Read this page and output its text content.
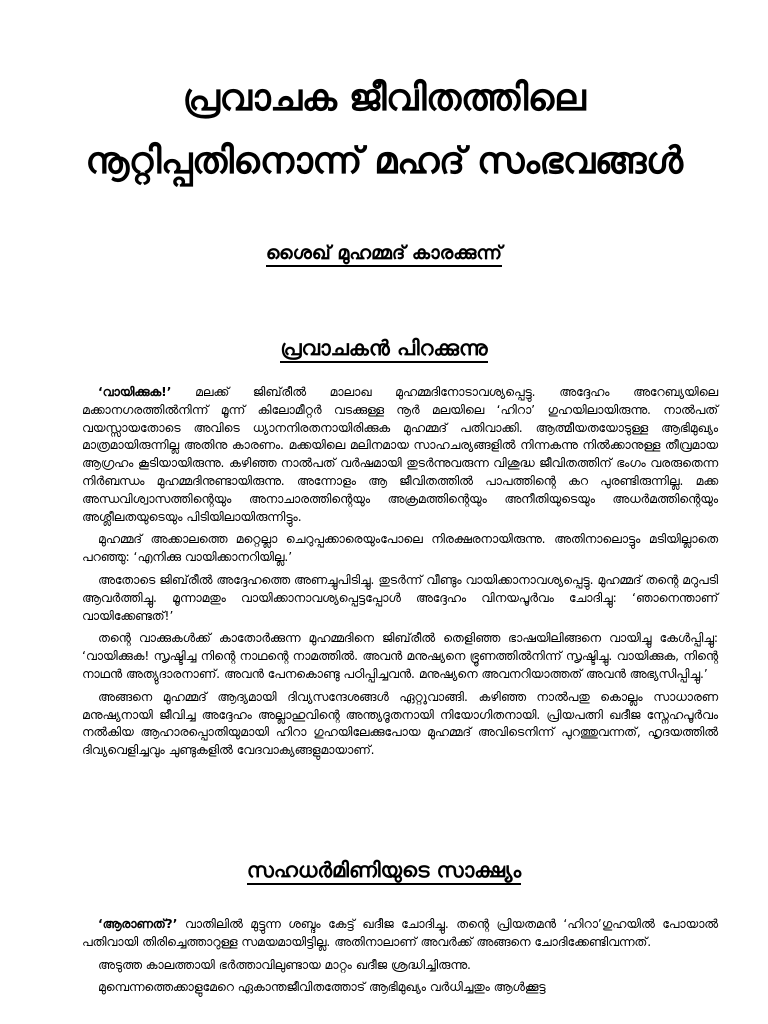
പ്രവാചക ജീവിതത്തിലെ
നൂറ്റിപ്പതിനൊന്ന് മഹദ് സംഭവങ്ങൾ
ശൈഖ് മുഹമ്മദ് കാരക്കുന്ന്
പ്രവാചകൻ പിറക്കുന്നു

‘വായിക്കുക!’ മലക്ക് ജിബ്‌രീൽ മാലാഖ മുഹമ്മദിനോടാവശ്യപ്പെട്ടു. അദ്ദേഹം അറേബ്യയിലെ മക്കാനഗരത്തിൽനിന്ന് മൂന്ന് കിലോമീറ്റർ വടക്കുള്ള നൂർ മലയിലെ ‘ഹിറാ’ ഗുഹയിലായിരുന്നു. നാൽപത് വയസ്സായതോടെ അവിടെ ധ്യാനനിരതനായിരിക്കുക മുഹമ്മദ് പതിവാക്കി. ആത്മീയതയോടുള്ള ആഭിമുഖ്യം മാത്രമായിരുന്നില്ല അതിനു കാരണം. മക്കയിലെ മലിനമായ സാഹചര്യങ്ങളിൽ നിന്നകന്നു നിൽക്കാനുള്ള തീവ്രമായ ആഗ്രഹം കൂടിയായിരുന്നു. കഴിഞ്ഞ നാൽപത് വർഷമായി തുടർന്നുവരുന്ന വിശുദ്ധ ജീവിതത്തിന് ഭംഗം വരരുതെന്ന നിർബന്ധം മുഹമ്മദിനുണ്ടായിരുന്നു. അന്നോളം ആ ജീവിതത്തിൽ പാപത്തിന്റെ കറ പുരണ്ടിരുന്നില്ല. മക്ക അന്ധവിശ്വാസത്തിന്റെയും അനാചാരത്തിന്റെയും അക്രമത്തിന്റെയും അനീതിയുടെയും അധർമത്തിന്റെയും അശ്ലീലതയുടെയും പിടിയിലായിരുന്നിട്ടും.

മുഹമ്മദ് അക്കാലത്തെ മറ്റെല്ലാ ചെറുപ്പക്കാരെയുംപോലെ നിരക്ഷരനായിരുന്നു. അതിനാലൊട്ടും മടിയില്ലാതെ പറഞ്ഞു: ‘എനിക്കു വായിക്കാനറിയില്ല.’

അതോടെ ജിബ്‌രീൽ അദ്ദേഹത്തെ അണച്ചുപിടിച്ചു. തുടർന്ന് വീണ്ടും വായിക്കാനാവശ്യപ്പെട്ടു. മുഹമ്മദ് തന്റെ മറുപടി ആവർത്തിച്ചു. മൂന്നാമതും വായിക്കാനാവശ്യപ്പെട്ടപ്പോൾ അദ്ദേഹം വിനയപൂർവം ചോദിച്ചു: ‘ഞാനെന്താണ് വായിക്കേണ്ടത്!’

തന്റെ വാക്കുകൾക്ക് കാതോർക്കുന്ന മുഹമ്മദിനെ ജിബ്‌രീൽ തെളിഞ്ഞ ഭാഷയിലിങ്ങനെ വായിച്ചു കേൾപ്പിച്ചു: ‘വായിക്കുക! സൃഷ്ടിച്ച നിന്റെ നാഥന്റെ നാമത്തിൽ. അവൻ മനുഷ്യനെ ഭ്രൂണത്തിൽനിന്ന് സൃഷ്ടിച്ചു. വായിക്കുക, നിന്റെ നാഥൻ അത്യുദാരനാണ്. അവൻ പേനകൊണ്ടു പഠിപ്പിച്ചവൻ. മനുഷ്യനെ അവനറിയാത്തത് അവൻ അഭ്യസിപ്പിച്ചു.’

അങ്ങനെ മുഹമ്മദ് ആദ്യമായി ദിവ്യസന്ദേശങ്ങൾ ഏറ്റുവാങ്ങി. കഴിഞ്ഞ നാൽപതു കൊല്ലം സാധാരണ മനുഷ്യനായി ജീവിച്ച അദ്ദേഹം അല്ലാഹുവിന്റെ അന്ത്യദൂതനായി നിയോഗിതനായി. പ്രിയപത്നി ഖദീജ സ്നേഹപൂർവം നൽകിയ ആഹാരപ്പൊതിയുമായി ഹിറാ ഗുഹയിലേക്കുപോയ മുഹമ്മദ് അവിടെനിന്ന് പുറത്തുവന്നത്, ഹൃദയത്തിൽ ദിവ്യവെളിച്ചവും ചുണ്ടുകളിൽ വേദവാക്യങ്ങളുമായാണ്.

സഹധർമിണിയുടെ സാക്ഷ്യം

‘ആരാണത്?’ വാതിലിൽ മുട്ടുന്ന ശബ്ദം കേട്ട് ഖദീജ ചോദിച്ചു. തന്റെ പ്രിയതമൻ ‘ഹിറാ’ഗുഹയിൽ പോയാൽ പതിവായി തിരിച്ചെത്താറുള്ള സമയമായിട്ടില്ല. അതിനാലാണ് അവർക്ക് അങ്ങനെ ചോദിക്കേണ്ടിവന്നത്.

അടുത്ത കാലത്തായി ഭർത്താവിലുണ്ടായ മാറ്റം ഖദീജ ശ്രദ്ധിച്ചിരുന്നു.

മുമ്പെന്നത്തെക്കാളുമേറെ ഏകാന്തജീവിതത്തോട് ആഭിമുഖ്യം വർധിച്ചതും ആൾക്കൂട്ട
